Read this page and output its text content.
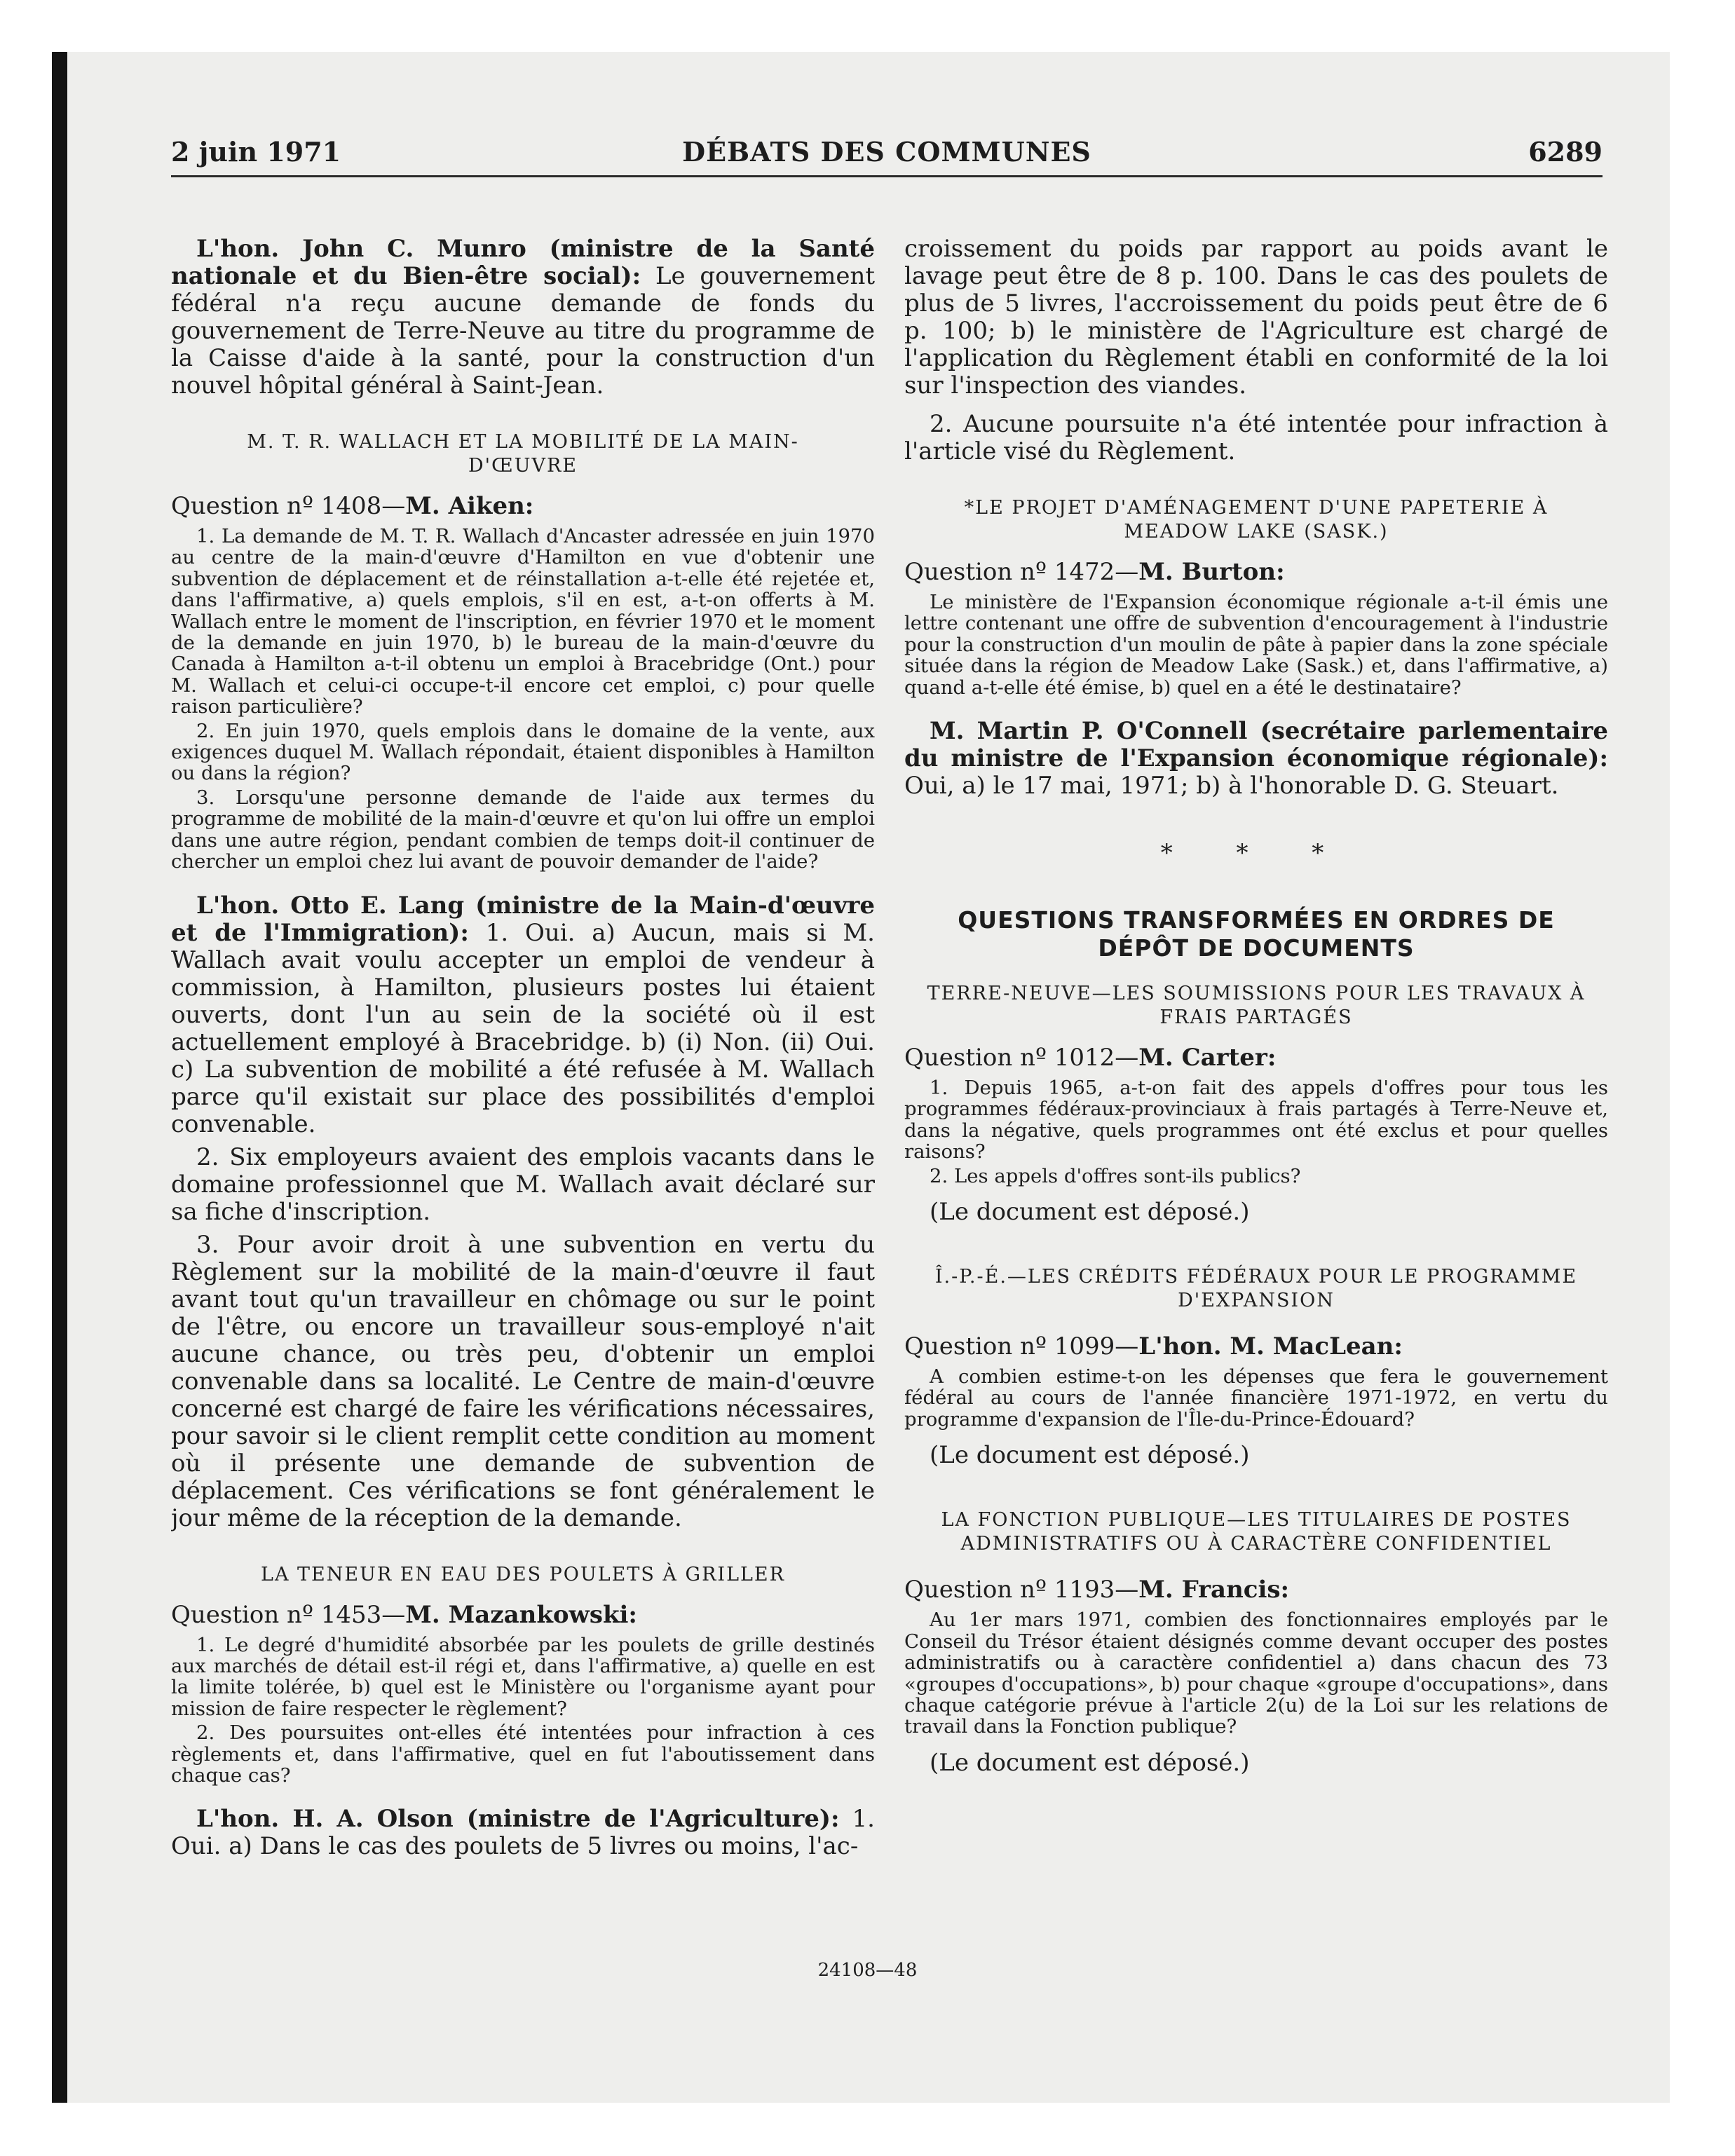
2 juin 1971	DÉBATS DES COMMUNES	6289

L'hon. John C. Munro (ministre de la Santé nationale et du Bien-être social): Le gouvernement fédéral n'a reçu aucune demande de fonds du gouvernement de Terre-Neuve au titre du programme de la Caisse d'aide à la santé, pour la construction d'un nouvel hôpital général à Saint-Jean.

M. T. R. WALLACH ET LA MOBILITÉ DE LA MAIN-D'ŒUVRE

Question nº 1408—M. Aiken:

1. La demande de M. T. R. Wallach d'Ancaster adressée en juin 1970 au centre de la main-d'œuvre d'Hamilton en vue d'obtenir une subvention de déplacement et de réinstallation a-t-elle été rejetée et, dans l'affirmative, a) quels emplois, s'il en est, a-t-on offerts à M. Wallach entre le moment de l'inscription, en février 1970 et le moment de la demande en juin 1970, b) le bureau de la main-d'œuvre du Canada à Hamilton a-t-il obtenu un emploi à Bracebridge (Ont.) pour M. Wallach et celui-ci occupe-t-il encore cet emploi, c) pour quelle raison particulière?

2. En juin 1970, quels emplois dans le domaine de la vente, aux exigences duquel M. Wallach répondait, étaient disponibles à Hamilton ou dans la région?

3. Lorsqu'une personne demande de l'aide aux termes du programme de mobilité de la main-d'œuvre et qu'on lui offre un emploi dans une autre région, pendant combien de temps doit-il continuer de chercher un emploi chez lui avant de pouvoir demander de l'aide?

L'hon. Otto E. Lang (ministre de la Main-d'œuvre et de l'Immigration): 1. Oui. a) Aucun, mais si M. Wallach avait voulu accepter un emploi de vendeur à commission, à Hamilton, plusieurs postes lui étaient ouverts, dont l'un au sein de la société où il est actuellement employé à Bracebridge. b) (i) Non. (ii) Oui. c) La subvention de mobilité a été refusée à M. Wallach parce qu'il existait sur place des possibilités d'emploi convenable.

2. Six employeurs avaient des emplois vacants dans le domaine professionnel que M. Wallach avait déclaré sur sa fiche d'inscription.

3. Pour avoir droit à une subvention en vertu du Règlement sur la mobilité de la main-d'œuvre il faut avant tout qu'un travailleur en chômage ou sur le point de l'être, ou encore un travailleur sous-employé n'ait aucune chance, ou très peu, d'obtenir un emploi convenable dans sa localité. Le Centre de main-d'œuvre concerné est chargé de faire les vérifications nécessaires, pour savoir si le client remplit cette condition au moment où il présente une demande de subvention de déplacement. Ces vérifications se font généralement le jour même de la réception de la demande.

LA TENEUR EN EAU DES POULETS À GRILLER

Question nº 1453—M. Mazankowski:

1. Le degré d'humidité absorbée par les poulets de grille destinés aux marchés de détail est-il régi et, dans l'affirmative, a) quelle en est la limite tolérée, b) quel est le Ministère ou l'organisme ayant pour mission de faire respecter le règlement?

2. Des poursuites ont-elles été intentées pour infraction à ces règlements et, dans l'affirmative, quel en fut l'aboutissement dans chaque cas?

L'hon. H. A. Olson (ministre de l'Agriculture): 1. Oui. a) Dans le cas des poulets de 5 livres ou moins, l'ac-

croissement du poids par rapport au poids avant le lavage peut être de 8 p. 100. Dans le cas des poulets de plus de 5 livres, l'accroissement du poids peut être de 6 p. 100; b) le ministère de l'Agriculture est chargé de l'application du Règlement établi en conformité de la loi sur l'inspection des viandes.

2. Aucune poursuite n'a été intentée pour infraction à l'article visé du Règlement.

*LE PROJET D'AMÉNAGEMENT D'UNE PAPETERIE À MEADOW LAKE (SASK.)

Question nº 1472—M. Burton:

Le ministère de l'Expansion économique régionale a-t-il émis une lettre contenant une offre de subvention d'encouragement à l'industrie pour la construction d'un moulin de pâte à papier dans la zone spéciale située dans la région de Meadow Lake (Sask.) et, dans l'affirmative, a) quand a-t-elle été émise, b) quel en a été le destinataire?

M. Martin P. O'Connell (secrétaire parlementaire du ministre de l'Expansion économique régionale): Oui, a) le 17 mai, 1971; b) à l'honorable D. G. Steuart.

* * *

QUESTIONS TRANSFORMÉES EN ORDRES DE DÉPÔT DE DOCUMENTS

TERRE-NEUVE—LES SOUMISSIONS POUR LES TRAVAUX À FRAIS PARTAGÉS

Question nº 1012—M. Carter:

1. Depuis 1965, a-t-on fait des appels d'offres pour tous les programmes fédéraux-provinciaux à frais partagés à Terre-Neuve et, dans la négative, quels programmes ont été exclus et pour quelles raisons?

2. Les appels d'offres sont-ils publics?

(Le document est déposé.)

Î.-P.-É.—LES CRÉDITS FÉDÉRAUX POUR LE PROGRAMME D'EXPANSION

Question nº 1099—L'hon. M. MacLean:

A combien estime-t-on les dépenses que fera le gouvernement fédéral au cours de l'année financière 1971-1972, en vertu du programme d'expansion de l'Île-du-Prince-Édouard?

(Le document est déposé.)

LA FONCTION PUBLIQUE—LES TITULAIRES DE POSTES ADMINISTRATIFS OU À CARACTÈRE CONFIDENTIEL

Question nº 1193—M. Francis:

Au 1er mars 1971, combien des fonctionnaires employés par le Conseil du Trésor étaient désignés comme devant occuper des postes administratifs ou à caractère confidentiel a) dans chacun des 73 «groupes d'occupations», b) pour chaque «groupe d'occupations», dans chaque catégorie prévue à l'article 2(u) de la Loi sur les relations de travail dans la Fonction publique?

(Le document est déposé.)

24108—48
